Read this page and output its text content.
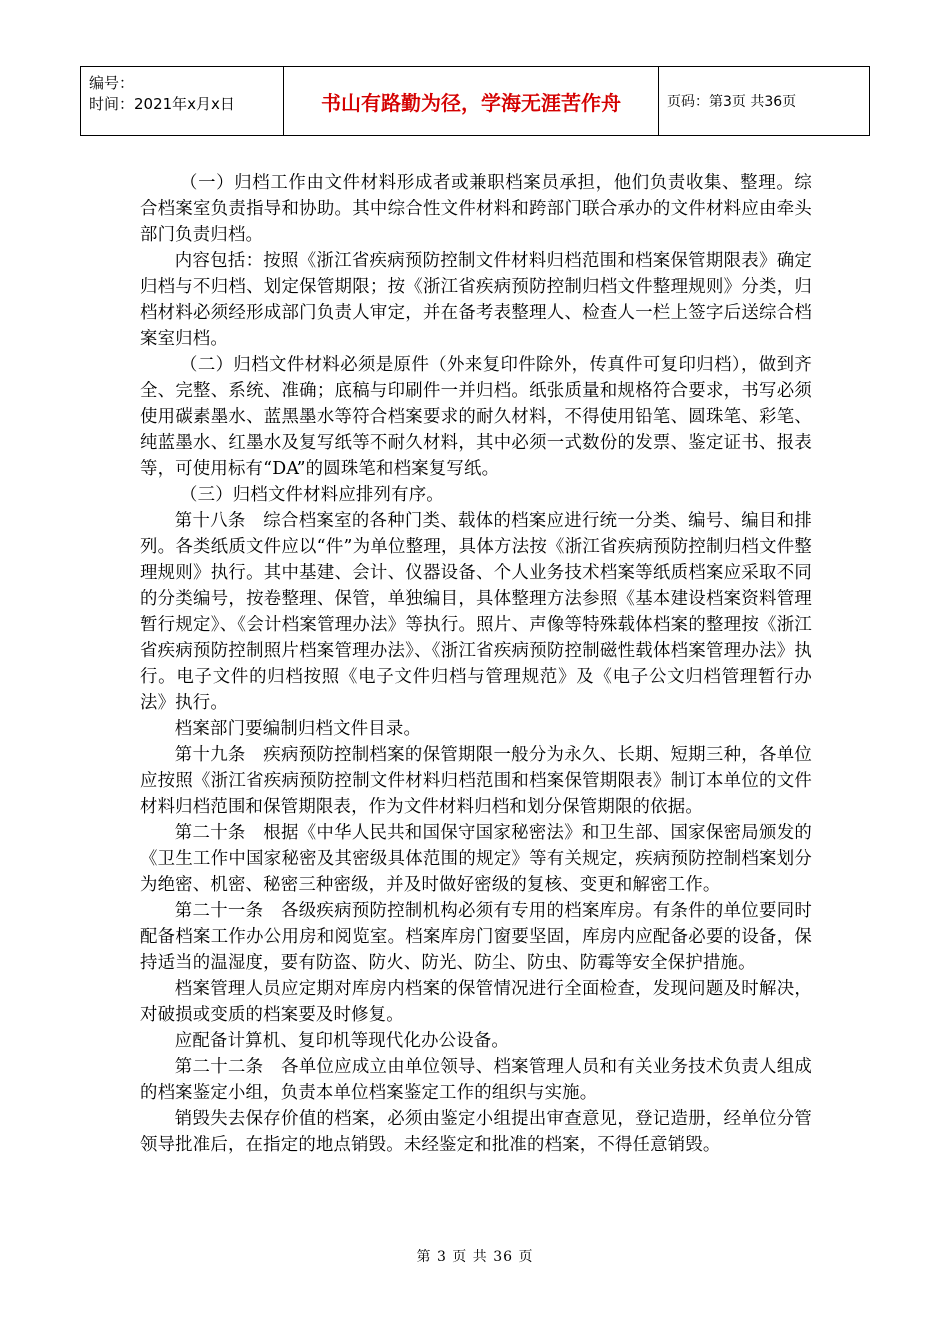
编号：
时间：2021年x月x日	书山有路勤为径，学海无涯苦作舟	页码：第3页 共36页

（一）归档工作由文件材料形成者或兼职档案员承担，他们负责收集、整理。综合档案室负责指导和协助。其中综合性文件材料和跨部门联合承办的文件材料应由牵头部门负责归档。

内容包括：按照《浙江省疾病预防控制文件材料归档范围和档案保管期限表》确定归档与不归档、划定保管期限；按《浙江省疾病预防控制归档文件整理规则》分类，归档材料必须经形成部门负责人审定，并在备考表整理人、检查人一栏上签字后送综合档案室归档。

（二）归档文件材料必须是原件（外来复印件除外，传真件可复印归档），做到齐全、完整、系统、准确；底稿与印刷件一并归档。纸张质量和规格符合要求，书写必须使用碳素墨水、蓝黑墨水等符合档案要求的耐久材料，不得使用铅笔、圆珠笔、彩笔、纯蓝墨水、红墨水及复写纸等不耐久材料，其中必须一式数份的发票、鉴定证书、报表等，可使用标有“DA”的圆珠笔和档案复写纸。

（三）归档文件材料应排列有序。

第十八条　综合档案室的各种门类、载体的档案应进行统一分类、编号、编目和排列。各类纸质文件应以“件”为单位整理，具体方法按《浙江省疾病预防控制归档文件整理规则》执行。其中基建、会计、仪器设备、个人业务技术档案等纸质档案应采取不同的分类编号，按卷整理、保管，单独编目，具体整理方法参照《基本建设档案资料管理暂行规定》、《会计档案管理办法》等执行。照片、声像等特殊载体档案的整理按《浙江省疾病预防控制照片档案管理办法》、《浙江省疾病预防控制磁性载体档案管理办法》执行。电子文件的归档按照《电子文件归档与管理规范》及《电子公文归档管理暂行办法》执行。

档案部门要编制归档文件目录。

第十九条　疾病预防控制档案的保管期限一般分为永久、长期、短期三种，各单位应按照《浙江省疾病预防控制文件材料归档范围和档案保管期限表》制订本单位的文件材料归档范围和保管期限表，作为文件材料归档和划分保管期限的依据。

第二十条　根据《中华人民共和国保守国家秘密法》和卫生部、国家保密局颁发的《卫生工作中国家秘密及其密级具体范围的规定》等有关规定，疾病预防控制档案划分为绝密、机密、秘密三种密级，并及时做好密级的复核、变更和解密工作。

第二十一条　各级疾病预防控制机构必须有专用的档案库房。有条件的单位要同时配备档案工作办公用房和阅览室。档案库房门窗要坚固，库房内应配备必要的设备，保持适当的温湿度，要有防盗、防火、防光、防尘、防虫、防霉等安全保护措施。

档案管理人员应定期对库房内档案的保管情况进行全面检查，发现问题及时解决，对破损或变质的档案要及时修复。

应配备计算机、复印机等现代化办公设备。

第二十二条　各单位应成立由单位领导、档案管理人员和有关业务技术负责人组成的档案鉴定小组，负责本单位档案鉴定工作的组织与实施。

销毁失去保存价值的档案，必须由鉴定小组提出审查意见，登记造册，经单位分管领导批准后，在指定的地点销毁。未经鉴定和批准的档案，不得任意销毁。

第 3 页 共 36 页
